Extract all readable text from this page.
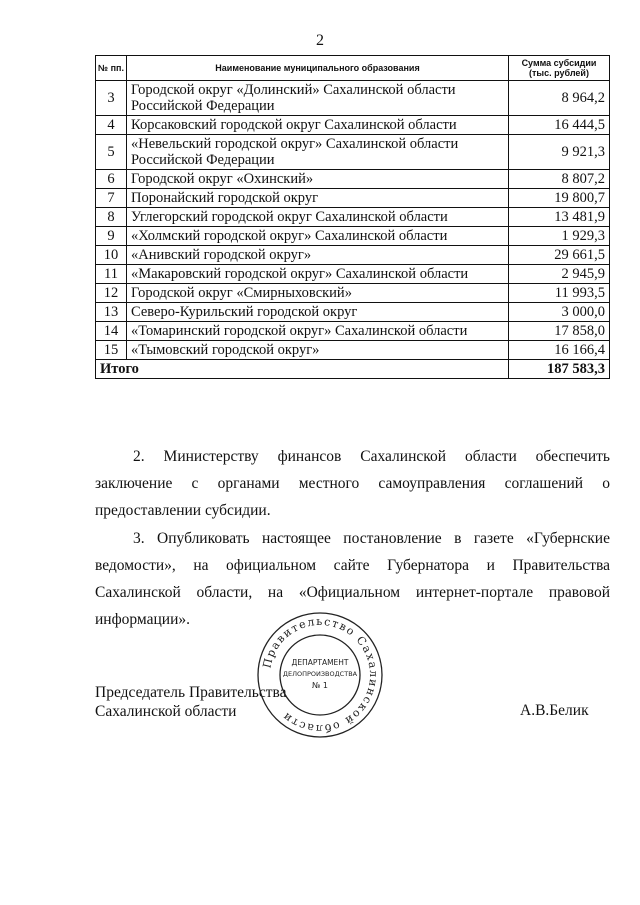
2
№ пп.	Наименование муниципального образования	Сумма субсидии (тыс. рублей)
3	Городской округ «Долинский» Сахалинской области Российской Федерации	8 964,2
4	Корсаковский городской округ Сахалинской области	16 444,5
5	«Невельский городской округ» Сахалинской области Российской Федерации	9 921,3
6	Городской округ «Охинский»	8 807,2
7	Поронайский городской округ	19 800,7
8	Углегорский городской округ Сахалинской области	13 481,9
9	«Холмский городской округ» Сахалинской области	1 929,3
10	«Анивский городской округ»	29 661,5
11	«Макаровский городской округ» Сахалинской области	2 945,9
12	Городской округ «Смирныховский»	11 993,5
13	Северо-Курильский городской округ	3 000,0
14	«Томаринский городской округ» Сахалинской области	17 858,0
15	«Тымовский городской округ»	16 166,4
Итого		187 583,3
2. Министерству финансов Сахалинской области обеспечить заключение с органами местного самоуправления соглашений о предоставлении субсидии.
3. Опубликовать настоящее постановление в газете «Губернские ведомости», на официальном сайте Губернатора и Правительства Сахалинской области, на «Официальном интернет-портале правовой информации».
Председатель Правительства
Сахалинской области	А.В.Белик
Правительство Сахалинской области
ДЕПАРТАМЕНТ
ДЕЛОПРОИЗВОДСТВА
№ 1
